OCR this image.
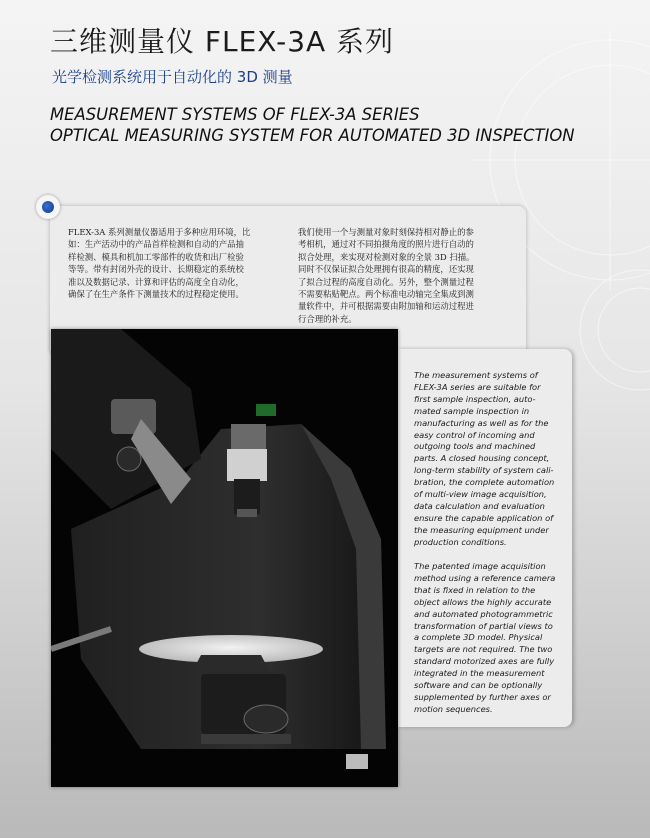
三维测量仪 FLEX-3A 系列
光学检测系统用于自动化的 3D 测量
MEASUREMENT SYSTEMS OF FLEX-3A SERIES
OPTICAL MEASURING SYSTEM FOR AUTOMATED 3D INSPECTION
FLEX-3A 系列测量仪器适用于多种应用环境，比
如：生产活动中的产品首样检测和自动的产品抽
样检测、模具和机加工零部件的收货和出厂检验
等等。带有封闭外壳的设计、长期稳定的系统校
准以及数据记录、计算和评估的高度全自动化，
确保了在生产条件下测量技术的过程稳定使用。
我们使用一个与测量对象时刻保持相对静止的参
考相机，通过对不同拍摄角度的照片进行自动的
拟合处理，来实现对检测对象的全景 3D 扫描。
同时不仅保证拟合处理拥有很高的精度，还实现
了拟合过程的高度自动化。另外，整个测量过程
不需要粘贴靶点。两个标准电动轴完全集成到测
量软件中，并可根据需要由附加轴和运动过程进
行合理的补充。
The measurement systems of
FLEX-3A series are suitable for
first sample inspection, auto-
mated sample inspection in
manufacturing as well as for the
easy control of incoming and
outgoing tools and machined
parts. A closed housing concept,
long-term stability of system cali-
bration, the complete automation
of multi-view image acquisition,
data calculation and evaluation
ensure the capable application of
the measuring equipment under
production conditions.
The patented image acquisition
method using a reference camera
that is fixed in relation to the
object allows the highly accurate
and automated photogrammetric
transformation of partial views to
a complete 3D model. Physical
targets are not required. The two
standard motorized axes are fully
integrated in the measurement
software and can be optionally
supplemented by further axes or
motion sequences.
